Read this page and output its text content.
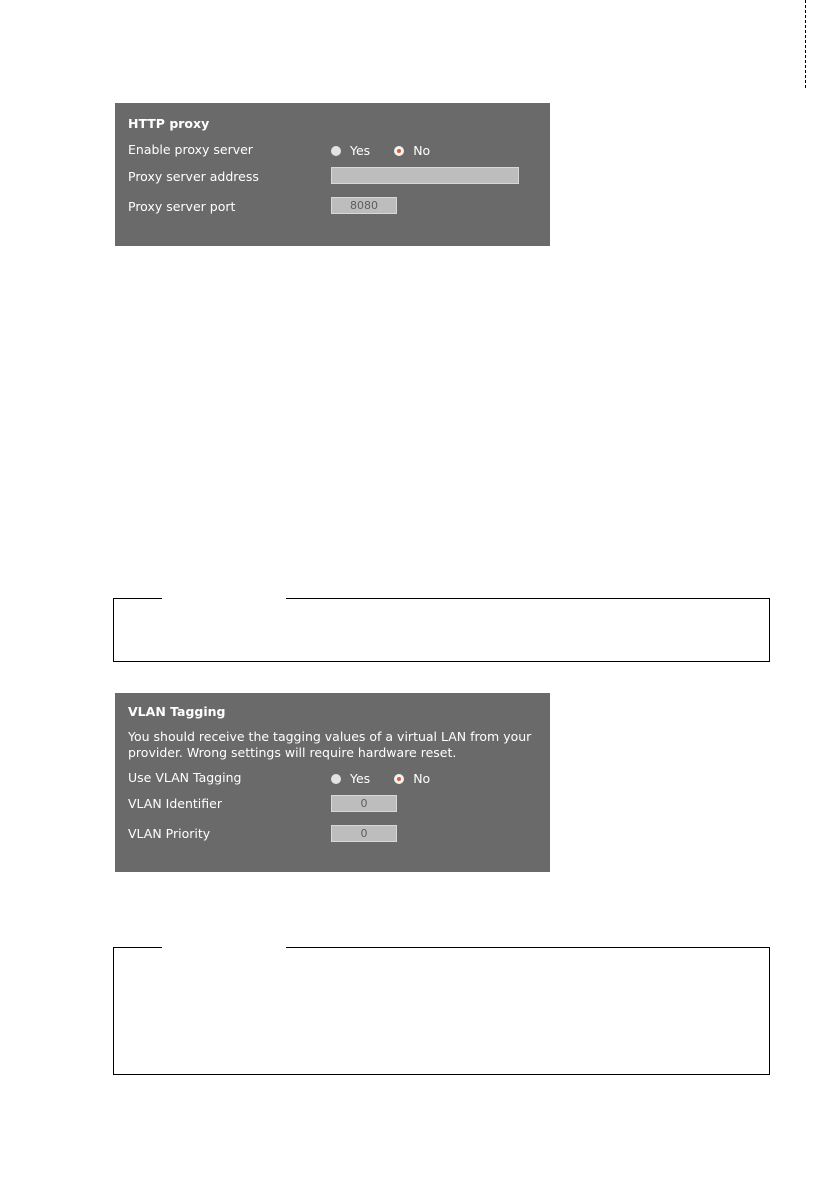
HTTP proxy
Enable proxy server	Yes	No
Proxy server address
Proxy server port	8080
VLAN Tagging
You should receive the tagging values of a virtual LAN from your provider. Wrong settings will require hardware reset.
Use VLAN Tagging	Yes	No
VLAN Identifier	0
VLAN Priority	0
